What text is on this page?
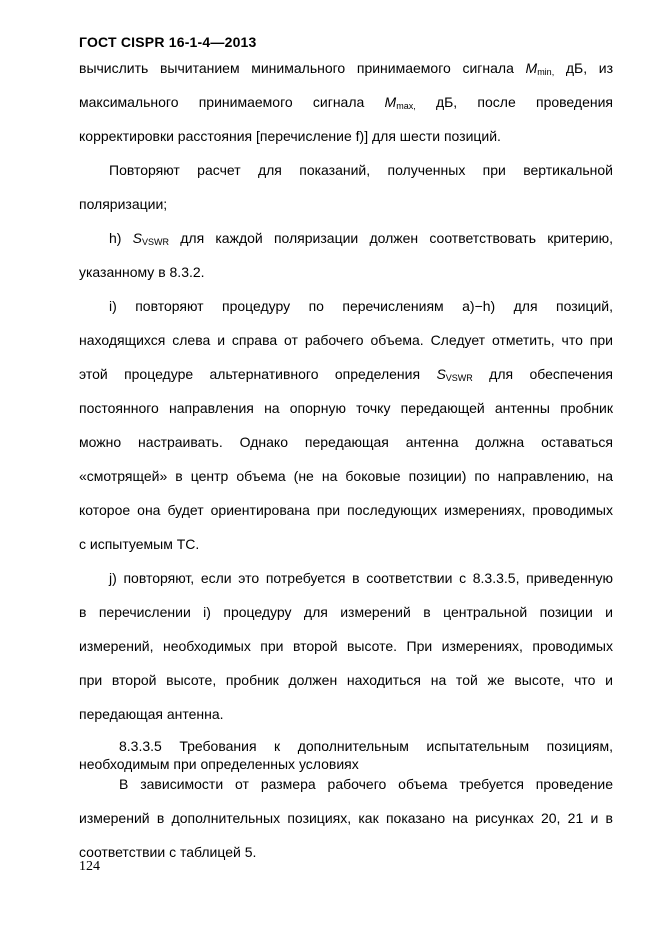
ГОСТ CISPR 16-1-4—2013
вычислить вычитанием минимального принимаемого сигнала $M_{min,}$ дБ, из
максимального принимаемого сигнала $M_{max,}$ дБ, после проведения
корректировки расстояния [перечисление f)] для шести позиций.
Повторяют расчет для показаний, полученных при вертикальной
поляризации;
h) $S_{VSWR}$ для каждой поляризации должен соответствовать критерию,
указанному в 8.3.2.
i) повторяют процедуру по перечислениям а)−h) для позиций,
находящихся слева и справа от рабочего объема. Следует отметить, что при
этой процедуре альтернативного определения $S_{VSWR}$ для обеспечения
постоянного направления на опорную точку передающей антенны пробник
можно настраивать. Однако передающая антенна должна оставаться
«смотрящей» в центр объема (не на боковые позиции) по направлению, на
которое она будет ориентирована при последующих измерениях, проводимых
с испытуемым ТС.
j) повторяют, если это потребуется в соответствии с 8.3.3.5, приведенную
в перечислении i) процедуру для измерений в центральной позиции и
измерений, необходимых при второй высоте. При измерениях, проводимых
при второй высоте, пробник должен находиться на той же высоте, что и
передающая антенна.
8.3.3.5 Требования к дополнительным испытательным позициям,
необходимым при определенных условиях
В зависимости от размера рабочего объема требуется проведение
измерений в дополнительных позициях, как показано на рисунках 20, 21 и в
соответствии с таблицей 5.
124
